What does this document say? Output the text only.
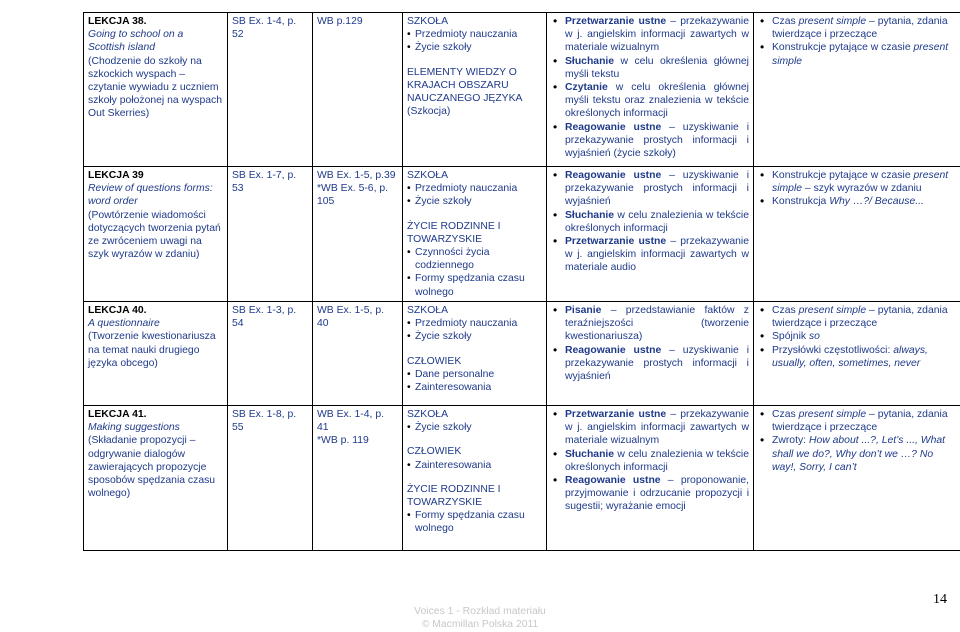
LEKCJA 38.
Going to school on a Scottish island
(Chodzenie do szkoły na szkockich wyspach – czytanie wywiadu z uczniem szkoły położonej na wyspach Out Skerries)
SB Ex. 1-4, p. 52
WB p.129	SZKOŁA
• Przedmioty nauczania
• Życie szkoły
ELEMENTY WIEDZY O KRAJACH OBSZARU NAUCZANEGO JĘZYKA
(Szkocja)
• Przetwarzanie ustne – przekazywanie w j. angielskim informacji zawartych w materiale wizualnym
• Słuchanie w celu określenia głównej myśli tekstu
• Czytanie w celu określenia głównej myśli tekstu oraz znalezienia w tekście określonych informacji
• Reagowanie ustne – uzyskiwanie i przekazywanie prostych informacji i wyjaśnień (życie szkoły)
• Czas present simple – pytania, zdania twierdzące i przeczące
• Konstrukcje pytające w czasie present simple
LEKCJA 39
Review of questions forms:
word order
(Powtórzenie wiadomości dotyczących tworzenia pytań ze zwróceniem uwagi na szyk wyrazów w zdaniu)
SB Ex. 1-7, p. 53
WB Ex. 1-5, p.39
*WB Ex. 5-6, p. 105
SZKOŁA
• Przedmioty nauczania
• Życie szkoły
ŻYCIE RODZINNE I TOWARZYSKIE
• Czynności życia codziennego
• Formy spędzania czasu wolnego
• Reagowanie ustne – uzyskiwanie i przekazywanie prostych informacji i wyjaśnień
• Słuchanie w celu znalezienia w tekście określonych informacji
• Przetwarzanie ustne – przekazywanie w j. angielskim informacji zawartych w materiale audio
• Konstrukcje pytające w czasie present simple – szyk wyrazów w zdaniu
• Konstrukcja Why …?/ Because...
LEKCJA 40.
A questionnaire
(Tworzenie kwestionariusza na temat nauki drugiego języka obcego)
SB Ex. 1-3, p. 54
WB Ex. 1-5, p. 40
SZKOŁA
• Przedmioty nauczania
• Życie szkoły
CZŁOWIEK
• Dane personalne
• Zainteresowania
• Pisanie – przedstawianie faktów z teraźniejszości (tworzenie kwestionariusza)
• Reagowanie ustne – uzyskiwanie i przekazywanie prostych informacji i wyjaśnień
• Czas present simple – pytania, zdania twierdzące i przeczące
• Spójnik so
• Przysłówki częstotliwości: always, usually, often, sometimes, never
LEKCJA 41.
Making suggestions
(Składanie propozycji – odgrywanie dialogów zawierających propozycje sposobów spędzania czasu wolnego)
SB Ex. 1-8, p. 55
WB Ex. 1-4, p. 41
*WB p. 119
SZKOŁA
• Życie szkoły
CZŁOWIEK
• Zainteresowania
ŻYCIE RODZINNE I TOWARZYSKIE
• Formy spędzania czasu wolnego
• Przetwarzanie ustne – przekazywanie w j. angielskim informacji zawartych w materiale wizualnym
• Słuchanie w celu znalezienia w tekście określonych informacji
• Reagowanie ustne – proponowanie, przyjmowanie i odrzucanie propozycji i sugestii; wyrażanie emocji
• Czas present simple – pytania, zdania twierdzące i przeczące
• Zwroty: How about ...?, Let’s ..., What shall we do?, Why don’t we …? No way!, Sorry, I can’t
Voices 1 - Rozkład materiału
© Macmillan Polska 2011
14
